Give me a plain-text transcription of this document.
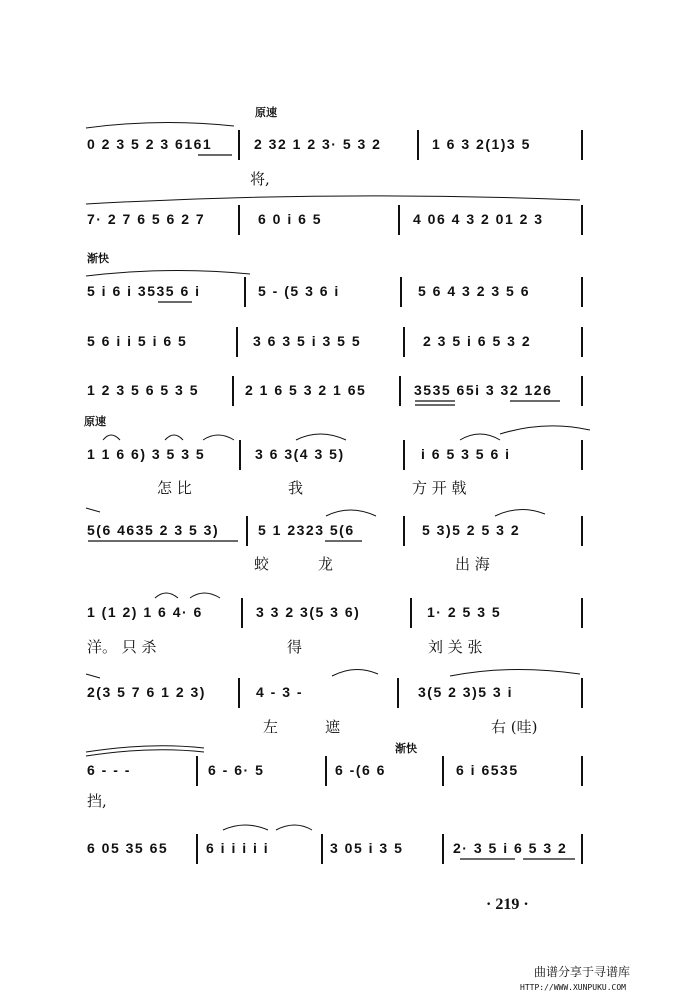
原速
渐快
原速
渐快
0 2 3 5 2 3 6161	2 32 1 2 3· 5 3 2	1 6 3 2(1)3 5
将,
7· 2 7 6 5 6 2 7	6 0 i 6 5	4 06 4 3 2 01 2 3
5 i 6 i 3535 6 i	5 - (5 3 6 i	5 6 4 3 2 3 5 6
5 6 i i 5 i 6 5	3 6 3 5 i 3 5 5	2 3 5 i 6 5 3 2
1 2 3 5 6 5 3 5	2 1 6 5 3 2 1 65	3535 65i 3 32 126
1 1 6 6) 3 5 3 5	3 6 3(4 3 5)	i 6 5 3 5 6 i
怎 比	我	方 开 戟
5(6 4635 2 3 5 3)	5 1 2323 5(6	5 3)5 2 5 3 2
蛟	龙	出 海
1 (1 2) 1 6 4· 6	3 3 2 3(5 3 6)	1· 2 5 3 5
洋。 只 杀	得	刘 关 张
2(3 5 7 6 1 2 3)	4 - 3 -	3(5 2 3)5 3 i
左	遮	右 (哇)
6 - - -	6 - 6· 5	6 -(6 6	6 i 6535
挡,
6 05 35 65	6 i i i i i	3 05 i 3 5	2· 3 5 i 6 5 3 2
· 219 ·
曲谱分享于寻谱库
HTTP://WWW.XUNPUKU.COM
